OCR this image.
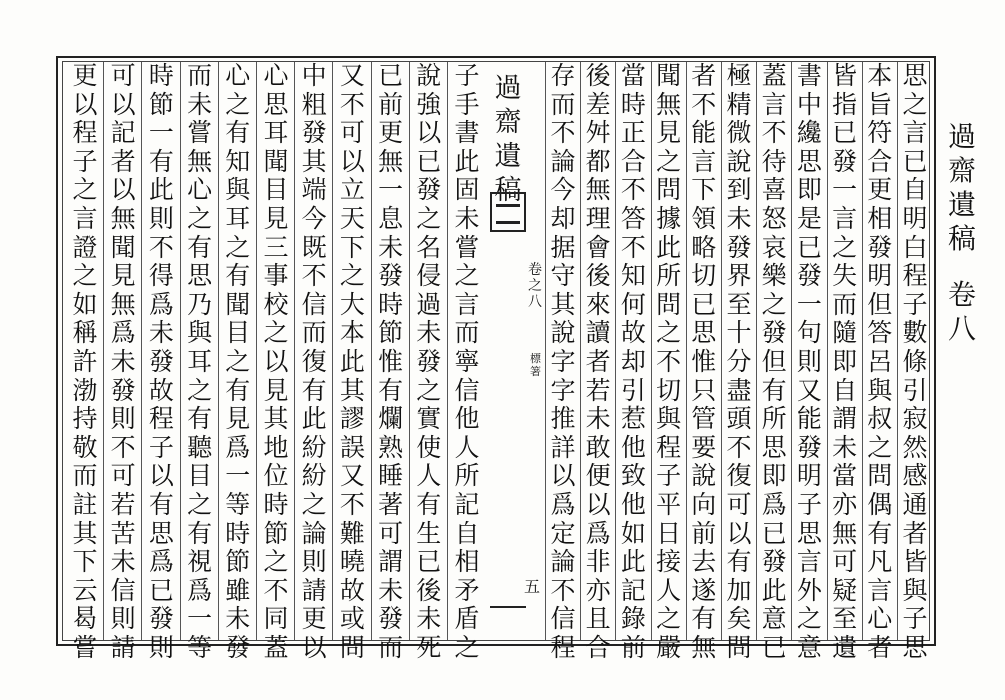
過
齋
遺
稿
卷
八
思
之
言
已
自
明
白
程
子
數
條
引
寂
然
感
通
者
皆
與
子
思
本
旨
符
合
更
相
發
明
但
答
呂
與
叔
之
問
偶
有
凡
言
心
者
皆
指
已
發
一
言
之
失
而
隨
即
自
謂
未
當
亦
無
可
疑
至
遺
書
中
纔
思
即
是
已
發
一
句
則
又
能
發
明
子
思
言
外
之
意
蓋
言
不
待
喜
怒
哀
樂
之
發
但
有
所
思
即
爲
已
發
此
意
已
極
精
微
說
到
未
發
界
至
十
分
盡
頭
不
復
可
以
有
加
矣
問
者
不
能
言
下
領
略
切
已
思
惟
只
管
要
說
向
前
去
遂
有
無
聞
無
見
之
問
據
此
所
問
之
不
切
與
程
子
平
日
接
人
之
嚴
當
時
正
合
不
答
不
知
何
故
却
引
惹
他
致
他
如
此
記
錄
前
後
差
舛
都
無
理
會
後
來
讀
者
若
未
敢
便
以
爲
非
亦
且
合
存
而
不
論
今
却
据
守
其
說
字
字
推
詳
以
爲
定
論
不
信
程
子
手
書
此
固
未
嘗
之
言
而
寧
信
他
人
所
記
自
相
矛
盾
之
說
強
以
已
發
之
名
侵
過
未
發
之
實
使
人
有
生
已
後
未
死
已
前
更
無
一
息
未
發
時
節
惟
有
爛
熟
睡
著
可
謂
未
發
而
又
不
可
以
立
天
下
之
大
本
此
其
謬
誤
又
不
難
曉
故
或
問
中
粗
發
其
端
今
既
不
信
而
復
有
此
紛
紛
之
論
則
請
更
以
心
思
耳
聞
目
見
三
事
校
之
以
見
其
地
位
時
節
之
不
同
蓋
心
之
有
知
與
耳
之
有
聞
目
之
有
見
爲
一
等
時
節
雖
未
發
而
未
嘗
無
心
之
有
思
乃
與
耳
之
有
聽
目
之
有
視
爲
一
等
時
節
一
有
此
則
不
得
爲
未
發
故
程
子
以
有
思
爲
已
發
則
可
以
記
者
以
無
聞
見
無
爲
未
發
則
不
可
若
苦
未
信
則
請
更
以
程
子
之
言
證
之
如
稱
許
渤
持
敬
而
註
其
下
云
曷
嘗
過
齋
遺
稿
卷
之
八
標
箸
五
